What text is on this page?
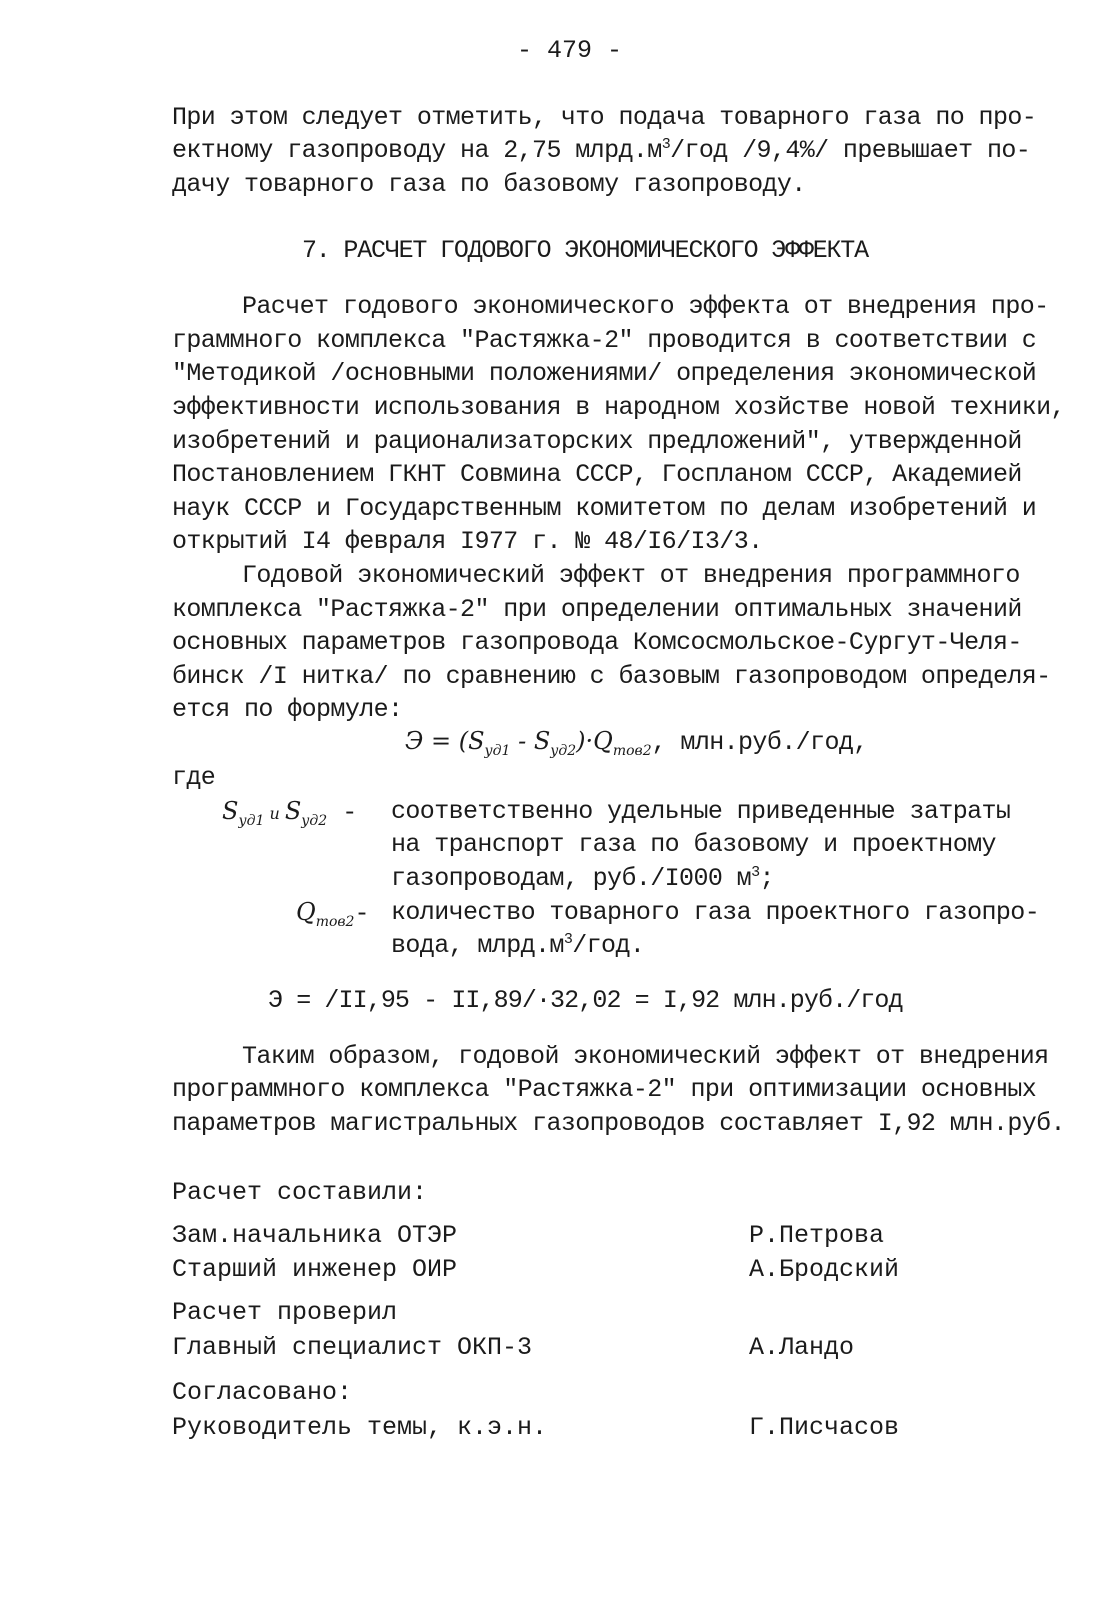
- 479 -
При этом следует отметить, что подача товарного газа по про-
ектному газопроводу на 2,75 $млрд.м^3$/год /9,4%/ превышает по-
дачу товарного газа по базовому газопроводу.
7. РАСЧЕТ ГОДОВОГО ЭКОНОМИЧЕСКОГО ЭФФЕКТА
Расчет годового экономического эффекта от внедрения про-
граммного комплекса "Растяжка-2" проводится в соответствии с
"Методикой /основными положениями/ определения экономической
эффективности использования в народном хозйстве новой техники,
изобретений и рационализаторских предложений", утвержденной
Постановлением ГКНТ Совмина СССР, Госпланом СССР, Академией
наук СССР и Государственным комитетом по делам изобретений и
открытий I4 февраля I977 г. № 48/I6/I3/3.
Годовой экономический эффект от внедрения программного
комплекса "Растяжка-2" при определении оптимальных значений
основных параметров газопровода Комсосмольское-Сургут-Челя-
бинск /I нитка/ по сравнению с базовым газопроводом определя-
ется по формуле:
$Э = (S_{уд1} - S_{уд2})\cdot Q_{тов2}$, млн.руб./год,
где
$S_{уд1}$ и $S_{уд2}$ - соответственно удельные приведенные затраты
на транспорт газа по базовому и проектному
газопроводам, руб./I000 $м^3$;
$Q_{тов2}-$ количество товарного газа проектного газопро-
вода, $млрд.м^3$/год.
Э = /II,95 - II,89/·32,02 = I,92 млн.руб./год
Таким образом, годовой экономический эффект от внедрения
программного комплекса "Растяжка-2" при оптимизации основных
параметров магистральных газопроводов составляет I,92 млн.руб.
Расчет составили:
Зам.начальника ОТЭР	Р.Петрова
Старший инженер ОИР	А.Бродский
Расчет проверил
Главный специалист ОКП-3	А.Ландо
Согласовано:
Руководитель темы, к.э.н.	Г.Писчасов
